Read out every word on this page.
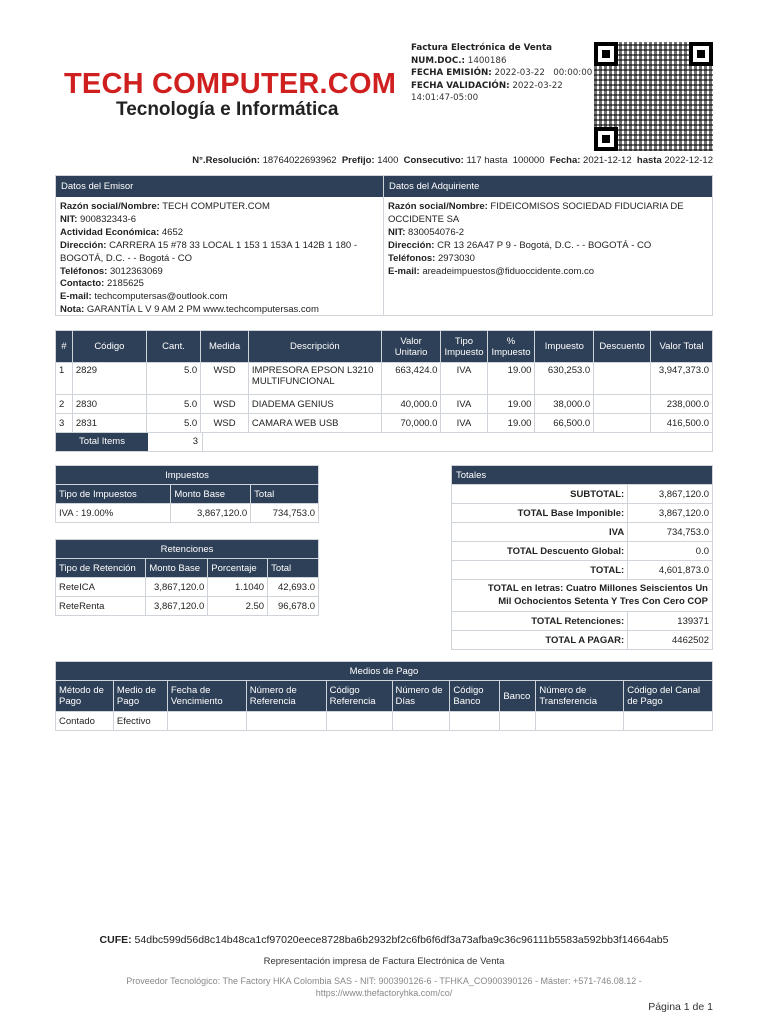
TECH COMPUTER.COM
Tecnología e Informática
Factura Electrónica de Venta
NUM.DOC.: 1400186
FECHA EMISIÓN: 2022-03-22   00:00:00
FECHA VALIDACIÓN: 2022-03-22
14:01:47-05:00
N°.Resolución: 18764022693962 Prefijo: 1400 Consecutivo: 117 hasta  100000 Fecha: 2021-12-12 hasta 2022-12-12
Datos del Emisor
Razón social/Nombre: TECH COMPUTER.COM
NIT: 900832343-6
Actividad Económica: 4652
Dirección: CARRERA 15 #78 33 LOCAL 1 153 1 153A 1 142B 1 180 - BOGOTÁ, D.C. - - Bogotá - CO
Teléfonos: 3012363069
Contacto: 2185625
E-mail: techcomputersas@outlook.com
Nota: GARANTÍA L V 9 AM 2 PM www.techcomputersas.com
Datos del Adquiriente
Razón social/Nombre: FIDEICOMISOS SOCIEDAD FIDUCIARIA DE OCCIDENTE SA
NIT: 830054076-2
Dirección: CR 13 26A47 P 9 - Bogotá, D.C. - - BOGOTÁ - CO
Teléfonos: 2973030
E-mail: areadeimpuestos@fiduoccidente.com.co
#	Código	Cant.	Medida	Descripción	Valor Unitario	Tipo Impuesto	% Impuesto	Impuesto	Descuento	Valor Total
1	2829	5.0	WSD	IMPRESORA EPSON L3210 MULTIFUNCIONAL	663,424.0	IVA	19.00	630,253.0		3,947,373.0
2	2830	5.0	WSD	DIADEMA GENIUS	40,000.0	IVA	19.00	38,000.0		238,000.0
3	2831	5.0	WSD	CAMARA WEB USB	70,000.0	IVA	19.00	66,500.0		416,500.0
Total Items	3
Impuestos		
Tipo de Impuestos	Monto Base	Total
IVA : 19.00%	3,867,120.0	734,753.0
Retenciones			
Tipo de Retención	Monto Base	Porcentaje	Total
ReteICA	3,867,120.0	1.1040	42,693.0
ReteRenta	3,867,120.0	2.50	96,678.0
Totales	
SUBTOTAL:	3,867,120.0
TOTAL Base Imponible:	3,867,120.0
IVA	734,753.0
TOTAL Descuento Global:	0.0
TOTAL:	4,601,873.0
TOTAL en letras: Cuatro Millones Seiscientos Un Mil Ochocientos Setenta Y Tres Con Cero COP	
TOTAL Retenciones:	139371
TOTAL A PAGAR:	4462502
Medios de Pago									
Método de Pago	Medio de Pago	Fecha de Vencimiento	Número de Referencia	Código Referencia	Número de Días	Código Banco	Banco	Número de Transferencia	Código del Canal de Pago
Contado	Efectivo								
CUFE: 54dbc599d56d8c14b48ca1cf97020eece8728ba6b2932bf2c6fb6f6df3a73afba9c36c96111b5583a592bb3f14664ab5
Representación impresa de Factura Electrónica de Venta
Proveedor Tecnológico: The Factory HKA Colombia SAS - NIT: 900390126-6 - TFHKA_CO900390126 - Máster: +571-746.08.12 - https://www.thefactoryhka.com/co/
Página 1 de 1
